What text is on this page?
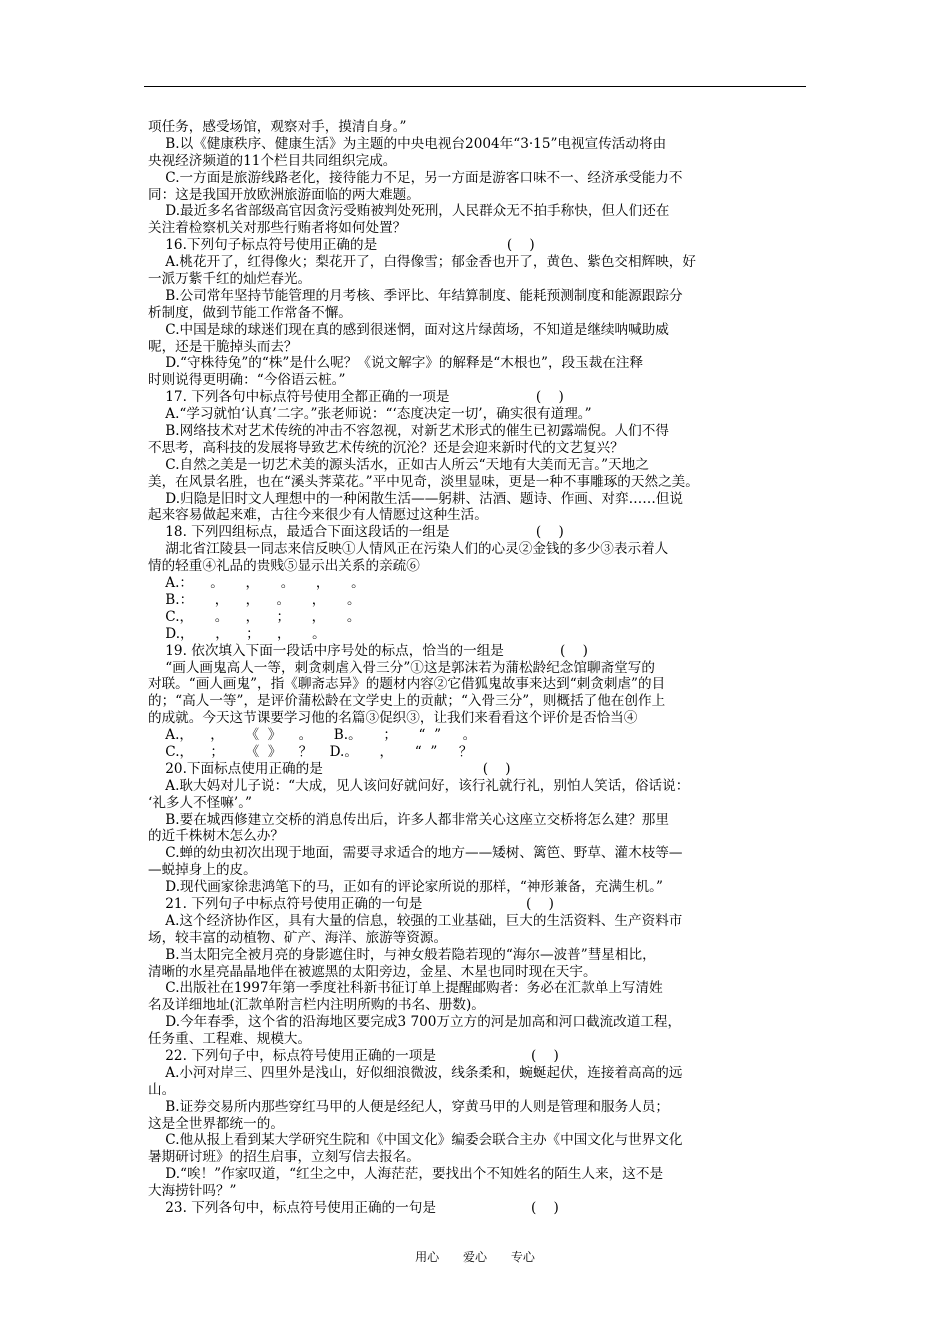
项任务，感受场馆，观察对手，摸清自身。”
B.以《健康秩序、健康生活》为主题的中央电视台2004年“3·15”电视宣传活动将由
央视经济频道的11个栏目共同组织完成。
C.一方面是旅游线路老化，接待能力不足，另一方面是游客口味不一、经济承受能力不
同：这是我国开放欧洲旅游面临的两大难题。
D.最近多名省部级高官因贪污受贿被判处死刑，人民群众无不拍手称快，但人们还在
关注着检察机关对那些行贿者将如何处置？
16.下列句子标点符号使用正确的是                              (    )
A.桃花开了，红得像火；梨花开了，白得像雪；郁金香也开了，黄色、紫色交相辉映，好
一派万紫千红的灿烂春光。
B.公司常年坚持节能管理的月考核、季评比、年结算制度、能耗预测制度和能源跟踪分
析制度，做到节能工作常备不懈。
C.中国是球的球迷们现在真的感到很迷惘，面对这片绿茵场，不知道是继续呐喊助威
呢，还是干脆掉头而去？
D.“守株待兔”的“株”是什么呢？《说文解字》的解释是“木根也”，段玉裁在注释
时则说得更明确：“今俗语云桩。”
17. 下列各句中标点符号使用全都正确的一项是                    (    )
A.“学习就怕‘认真’二字。”张老师说：“‘态度决定一切’，确实很有道理。”
B.网络技术对艺术传统的冲击不容忽视，对新艺术形式的催生已初露端倪。人们不得
不思考，高科技的发展将导致艺术传统的沉沦？还是会迎来新时代的文艺复兴？
C.自然之美是一切艺术美的源头活水，正如古人所云“天地有大美而无言。”天地之
美，在风景名胜，也在“溪头荠菜花。”平中见奇，淡里显味，更是一种不事雕琢的天然之美。
D.归隐是旧时文人理想中的一种闲散生活——躬耕、沽酒、题诗、作画、对弈……但说
起来容易做起来难，古往今来很少有人情愿过这种生活。
18. 下列四组标点，最适合下面这段话的一组是                    (    )
湖北省江陵县一同志来信反映①人情风正在污染人们的心灵②金钱的多少③表示着人
情的轻重④礼品的贵贱⑤显示出关系的亲疏⑥
A.：    。     ，     。     ，     。
B.：     ，    ，    。     ，     。
C.，     。    ，    ；     ，     。
D.，     ，    ；    ，     。
19. 依次填入下面一段话中序号处的标点，恰当的一组是             (    )
“画人画鬼高人一等，刺贪刺虐入骨三分”①这是郭沫若为蒲松龄纪念馆聊斋堂写的
对联。“画人画鬼”，指《聊斋志异》的题材内容②它借狐鬼故事来达到“刺贪刺虐”的目
的；“高人一等”，是评价蒲松龄在文学史上的贡献；“入骨三分”，则概括了他在创作上
的成就。今天这节课要学习他的名篇③促织③，让我们来看看这个评价是否恰当④
A.，    ，     《  》    。     B.。     ；     “  ”     。
C.，    ；     《  》    ？    D.。     ，     “  ”     ？
20.下面标点使用正确的是                                     (    )
A.耿大妈对儿子说：“大成，见人该问好就问好，该行礼就行礼，别怕人笑话，俗话说：
‘礼多人不怪嘛’。”
B.要在城西修建立交桥的消息传出后，许多人都非常关心这座立交桥将怎么建？那里
的近千株树木怎么办？
C.蝉的幼虫初次出现于地面，需要寻求适合的地方——矮树、篱笆、野草、灌木枝等—
—蜕掉身上的皮。
D.现代画家徐悲鸿笔下的马，正如有的评论家所说的那样，“神形兼备，充满生机。”
21. 下列句子中标点符号使用正确的一句是                        (    )
A.这个经济协作区，具有大量的信息，较强的工业基础，巨大的生活资料、生产资料市
场，较丰富的动植物、矿产、海洋、旅游等资源。
B.当太阳完全被月亮的身影遮住时，与神女般若隐若现的“海尔—波普”彗星相比，
清晰的水星亮晶晶地伴在被遮黑的太阳旁边，金星、木星也同时现在天宇。
C.出版社在1997年第一季度社科新书征订单上提醒邮购者：务必在汇款单上写清姓
名及详细地址(汇款单附言栏内注明所购的书名、册数)。
D.今年春季，这个省的沿海地区要完成3 700万立方的河是加高和河口截流改道工程，
任务重、工程难、规模大。
22. 下列句子中，标点符号使用正确的一项是                      (    )
A.小河对岸三、四里外是浅山，好似细浪微波，线条柔和，蜿蜒起伏，连接着高高的远
山。
B.证券交易所内那些穿红马甲的人便是经纪人，穿黄马甲的人则是管理和服务人员；
这是全世界都统一的。
C.他从报上看到某大学研究生院和《中国文化》编委会联合主办《中国文化与世界文化
暑期研讨班》的招生启事，立刻写信去报名。
D.“唉！”作家叹道，“红尘之中，人海茫茫，要找出个不知姓名的陌生人来，这不是
大海捞针吗？”
23. 下列各句中，标点符号使用正确的一句是                      (    )
用心 爱心 专心
